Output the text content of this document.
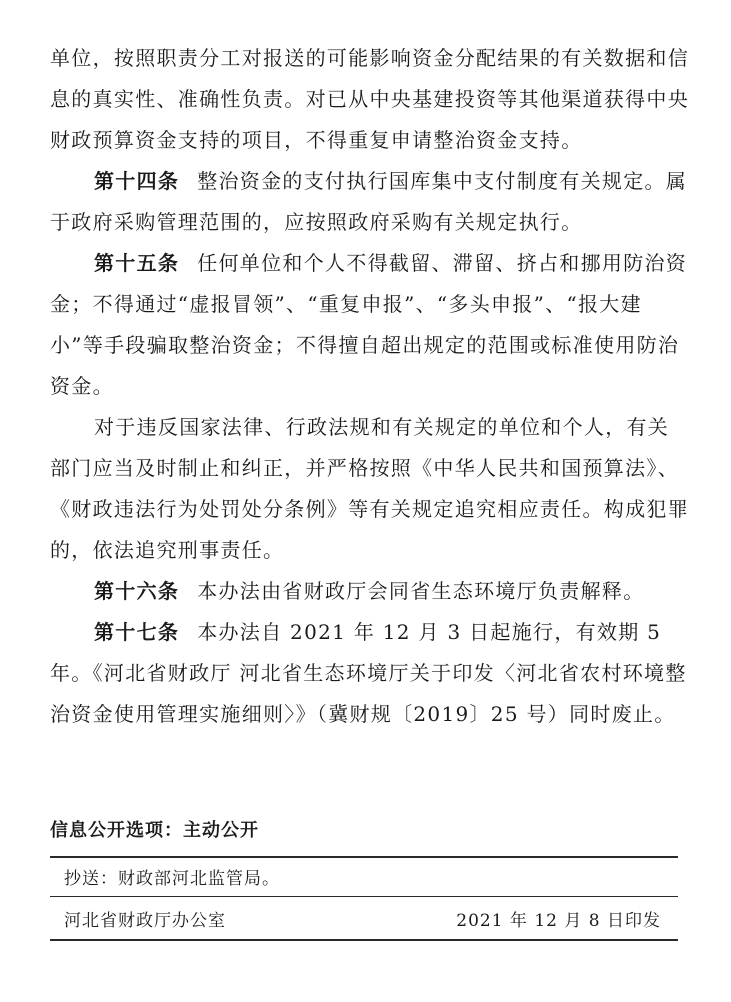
单位，按照职责分工对报送的可能影响资金分配结果的有关数据和信息的真实性、准确性负责。对已从中央基建投资等其他渠道获得中央财政预算资金支持的项目，不得重复申请整治资金支持。

第十四条 整治资金的支付执行国库集中支付制度有关规定。属于政府采购管理范围的，应按照政府采购有关规定执行。

第十五条 任何单位和个人不得截留、滞留、挤占和挪用防治资金；不得通过“虚报冒领”、“重复申报”、“多头申报”、“报大建小”等手段骗取整治资金；不得擅自超出规定的范围或标准使用防治资金。

对于违反国家法律、行政法规和有关规定的单位和个人，有关部门应当及时制止和纠正，并严格按照《中华人民共和国预算法》、《财政违法行为处罚处分条例》等有关规定追究相应责任。构成犯罪的，依法追究刑事责任。

第十六条 本办法由省财政厅会同省生态环境厅负责解释。

第十七条 本办法自 2021 年 12 月 3 日起施行，有效期 5 年。《河北省财政厅 河北省生态环境厅关于印发〈河北省农村环境整治资金使用管理实施细则〉》（冀财规〔2019〕25 号）同时废止。

信息公开选项：主动公开
抄送：财政部河北监管局。
河北省财政厅办公室	2021 年 12 月 8 日印发
